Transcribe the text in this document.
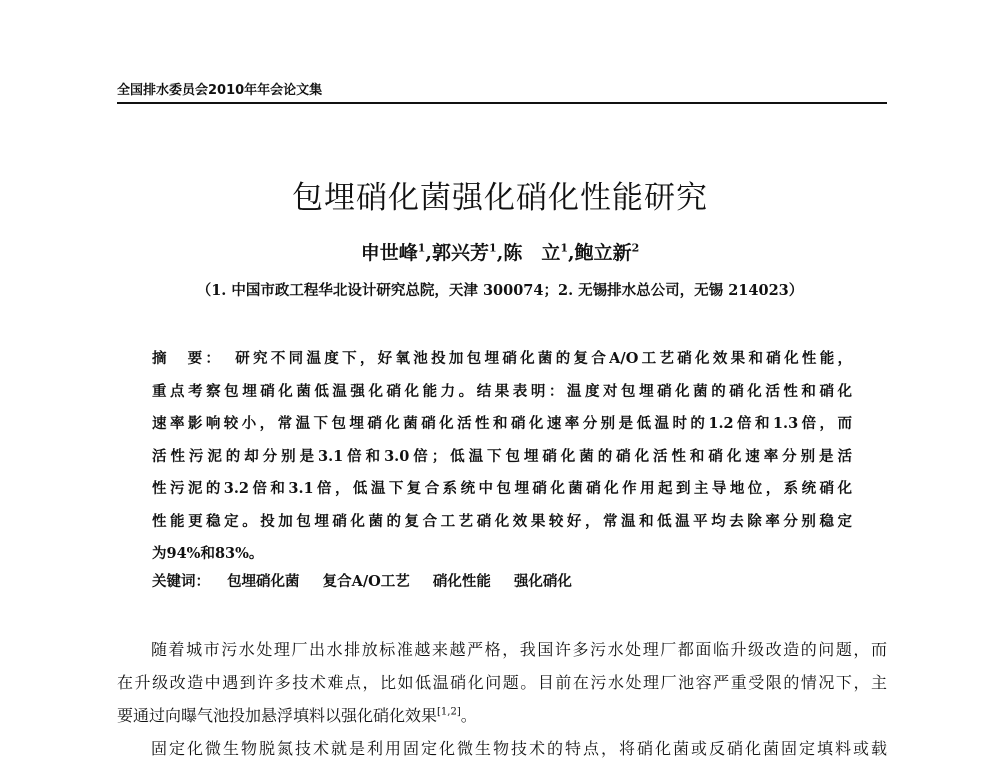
全国排水委员会2010年年会论文集
包埋硝化菌强化硝化性能研究
申世峰$^1$,郭兴芳$^1$,陈　立$^1$,鲍立新$^2$
（1. 中国市政工程华北设计研究总院，天津 300074；2. 无锡排水总公司，无锡 214023）
摘　要： 研究不同温度下，好氧池投加包埋硝化菌的复合A/O工艺硝化效果和硝化性能，
重点考察包埋硝化菌低温强化硝化能力。结果表明：温度对包埋硝化菌的硝化活性和硝化
速率影响较小，常温下包埋硝化菌硝化活性和硝化速率分别是低温时的1.2倍和1.3倍，而
活性污泥的却分别是3.1倍和3.0倍；低温下包埋硝化菌的硝化活性和硝化速率分别是活
性污泥的3.2倍和3.1倍，低温下复合系统中包埋硝化菌硝化作用起到主导地位，系统硝化
性能更稳定。投加包埋硝化菌的复合工艺硝化效果较好，常温和低温平均去除率分别稳定
为94%和83%。
关键词： 包埋硝化菌 复合A/O工艺 硝化性能 强化硝化
随着城市污水处理厂出水排放标准越来越严格，我国许多污水处理厂都面临升级改造的问题，而
在升级改造中遇到许多技术难点，比如低温硝化问题。目前在污水处理厂池容严重受限的情况下，主
要通过向曝气池投加悬浮填料以强化硝化效果[1,2]。
固定化微生物脱氮技术就是利用固定化微生物技术的特点，将硝化菌或反硝化菌固定填料或载
